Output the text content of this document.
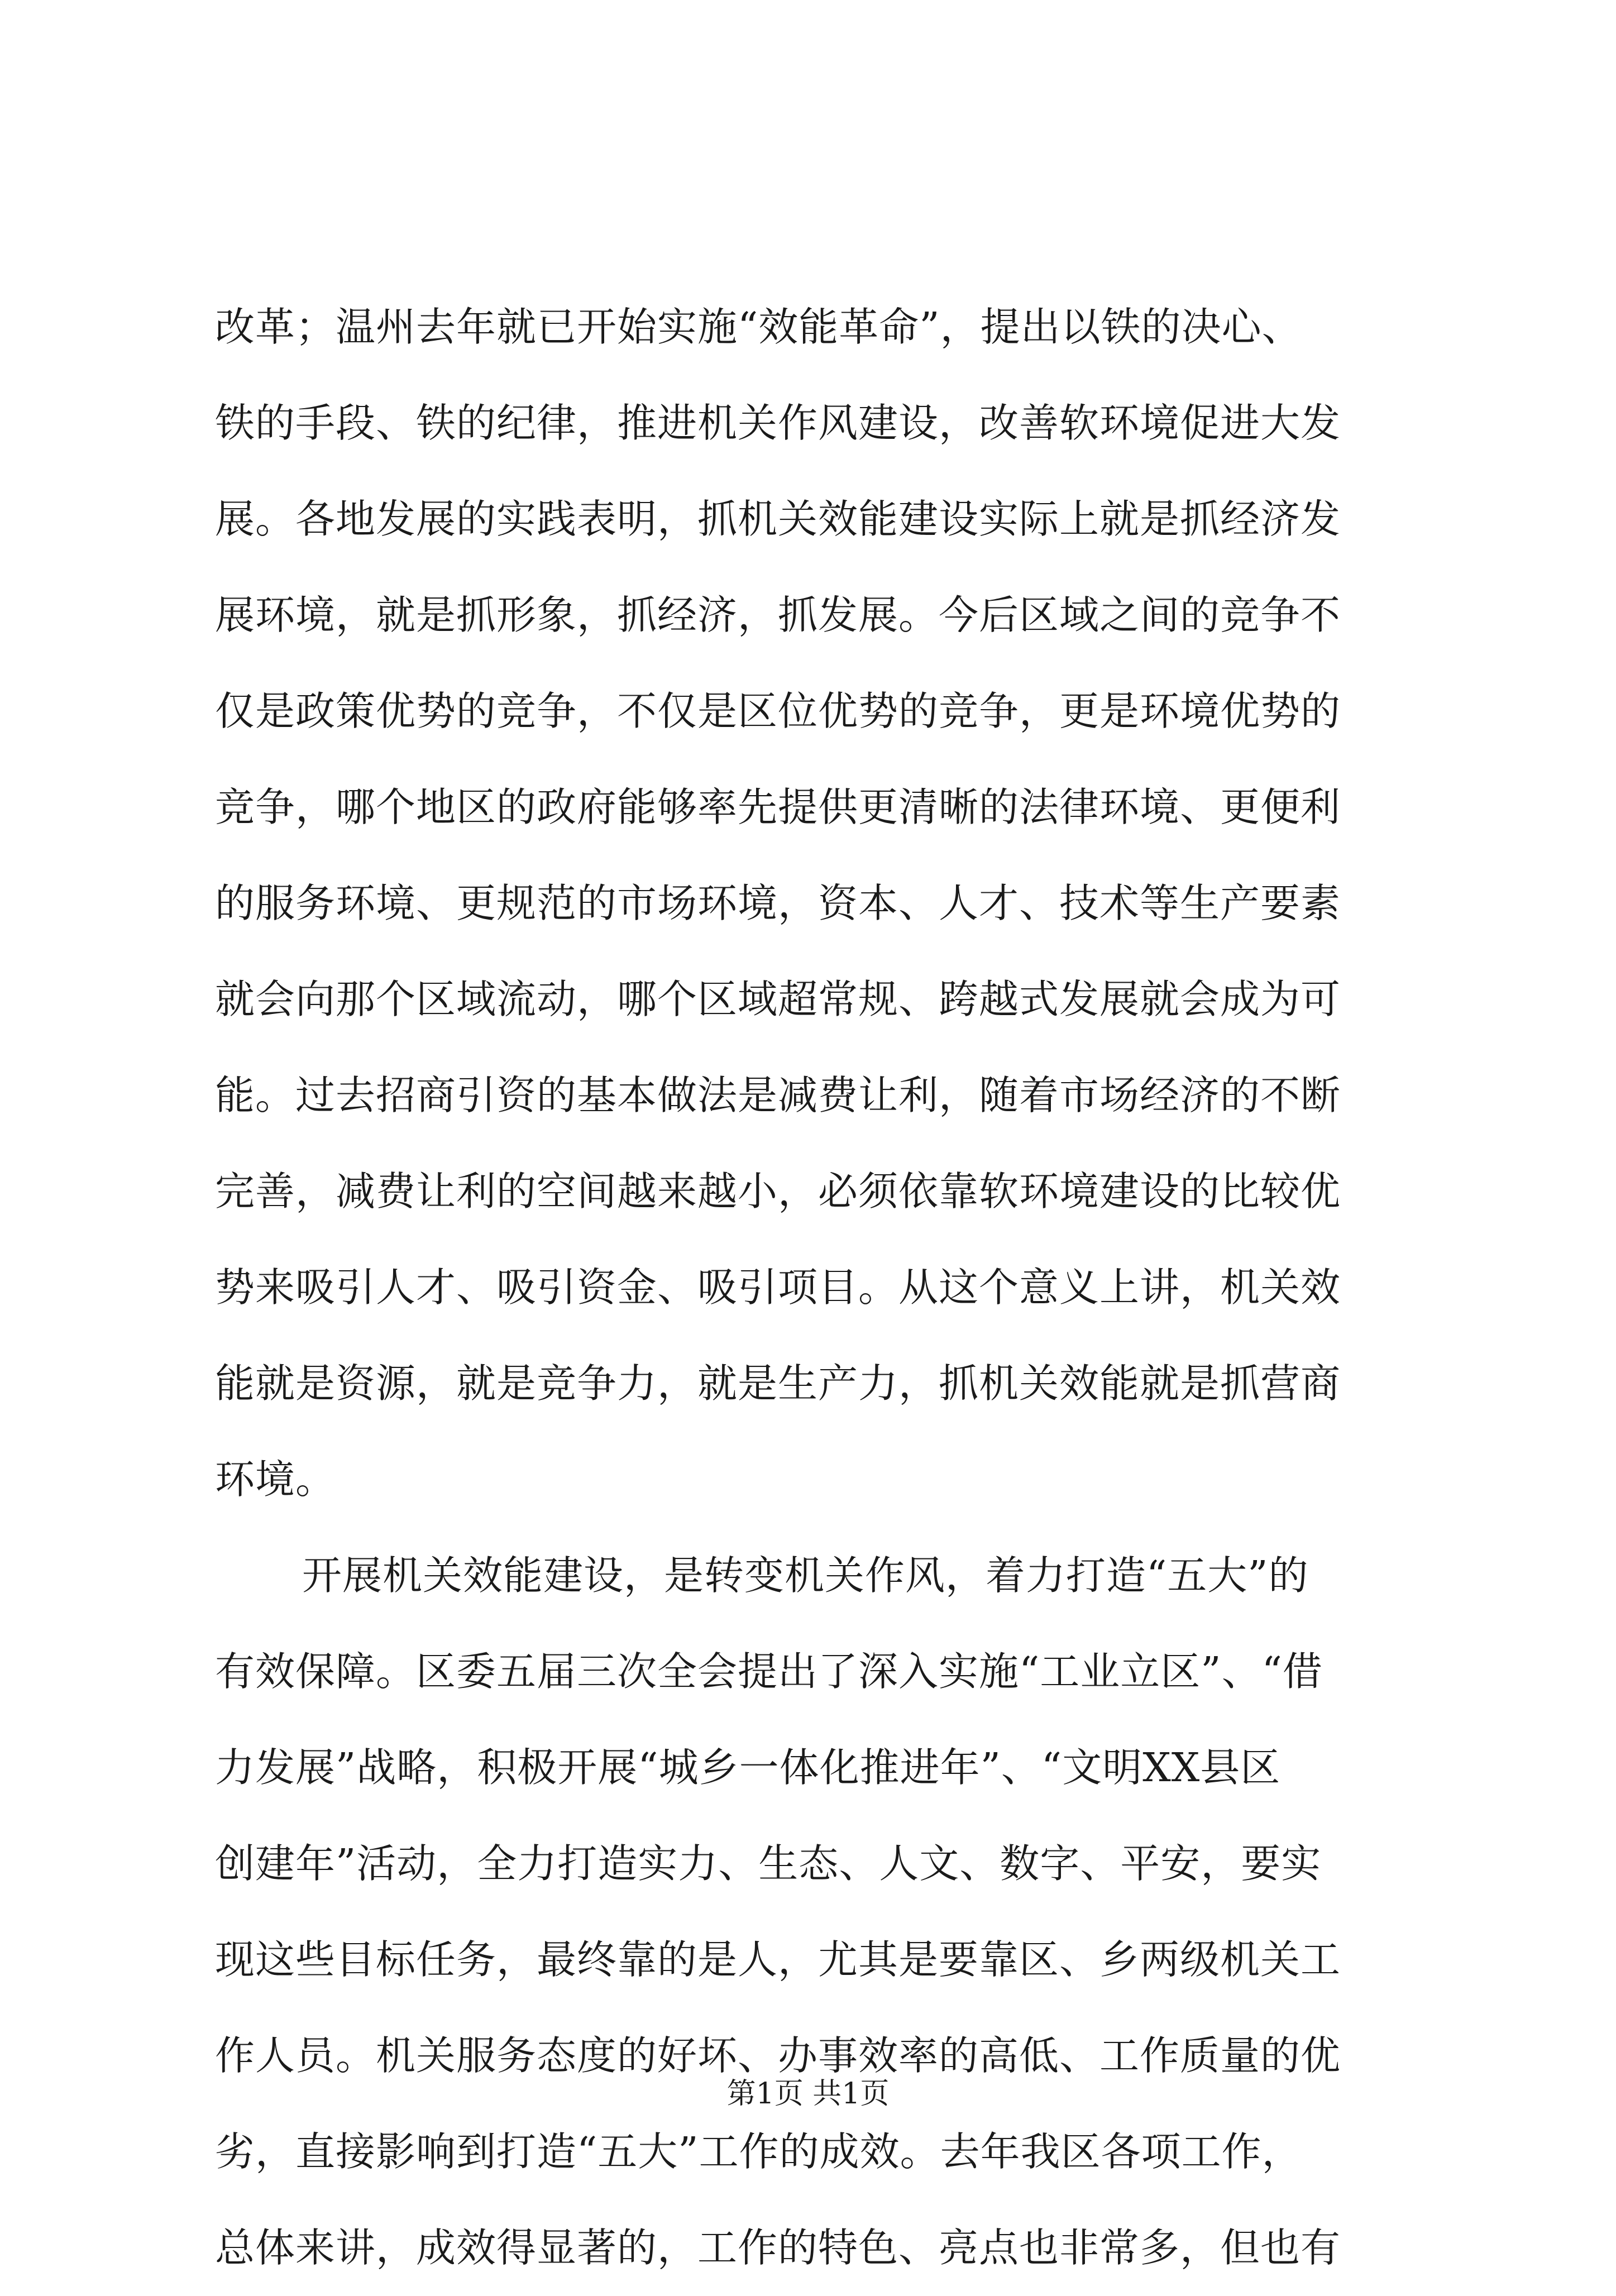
改革；温州去年就已开始实施“效能革命”，提出以铁的决心、
铁的手段、铁的纪律，推进机关作风建设，改善软环境促进大发
展。各地发展的实践表明，抓机关效能建设实际上就是抓经济发
展环境，就是抓形象，抓经济，抓发展。今后区域之间的竞争不
仅是政策优势的竞争，不仅是区位优势的竞争，更是环境优势的
竞争，哪个地区的政府能够率先提供更清晰的法律环境、更便利
的服务环境、更规范的市场环境，资本、人才、技术等生产要素
就会向那个区域流动，哪个区域超常规、跨越式发展就会成为可
能。过去招商引资的基本做法是减费让利，随着市场经济的不断
完善，减费让利的空间越来越小，必须依靠软环境建设的比较优
势来吸引人才、吸引资金、吸引项目。从这个意义上讲，机关效
能就是资源，就是竞争力，就是生产力，抓机关效能就是抓营商
环境。
开展机关效能建设，是转变机关作风，着力打造“五大”的
有效保障。区委五届三次全会提出了深入实施“工业立区”、“借
力发展”战略，积极开展“城乡一体化推进年”、“文明XX县区
创建年”活动，全力打造实力、生态、人文、数字、平安，要实
现这些目标任务，最终靠的是人，尤其是要靠区、乡两级机关工
作人员。机关服务态度的好坏、办事效率的高低、工作质量的优
劣，直接影响到打造“五大”工作的成效。去年我区各项工作，
总体来讲，成效得显著的，工作的特色、亮点也非常多，但也有
第1页 共1页
